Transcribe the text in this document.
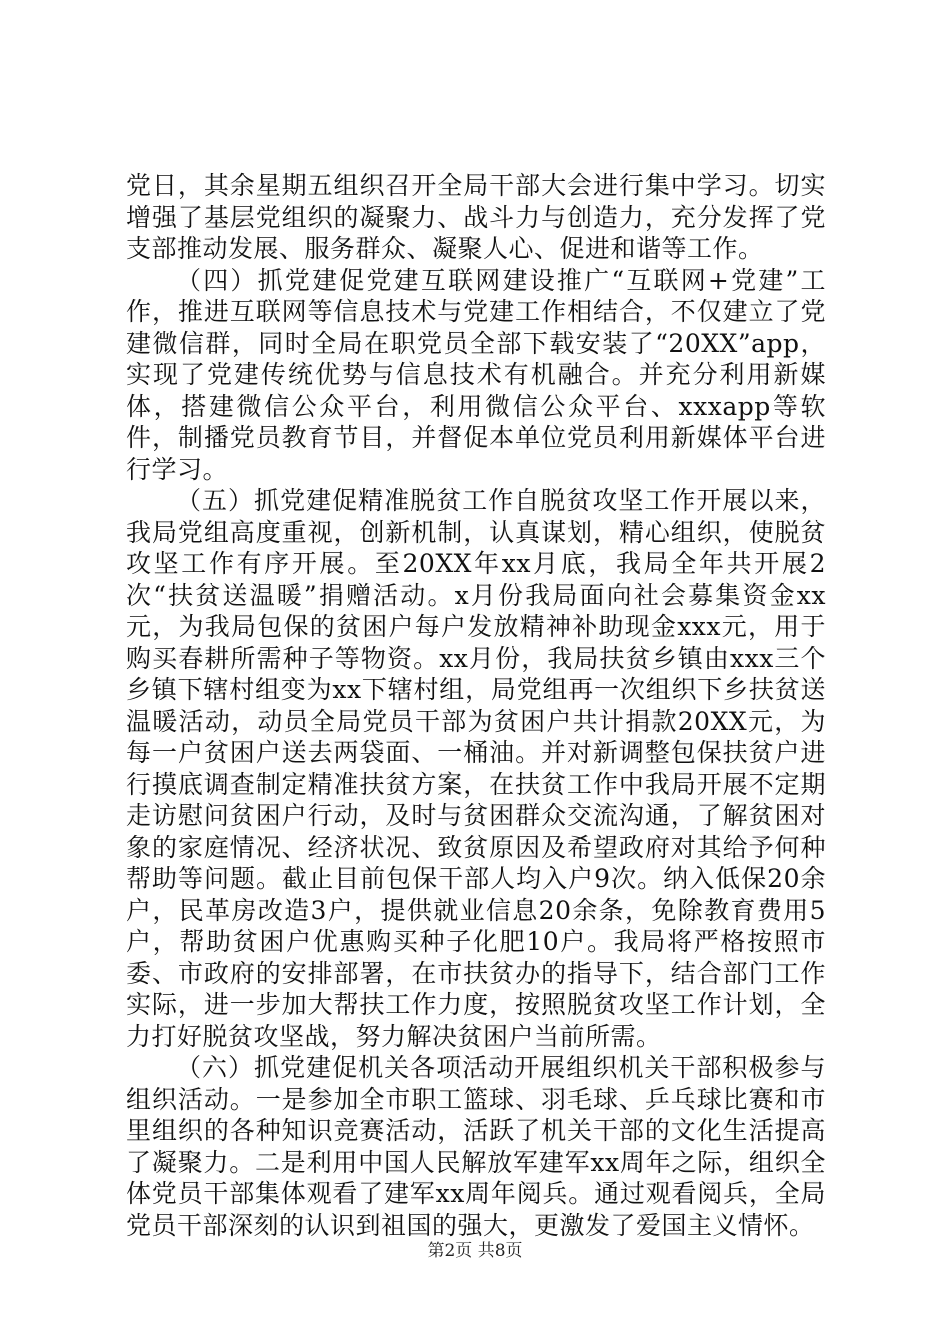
党日，其余星期五组织召开全局干部大会进行集中学习。切实增强了基层党组织的凝聚力、战斗力与创造力，充分发挥了党支部推动发展、服务群众、凝聚人心、促进和谐等工作。

（四）抓党建促党建互联网建设推广“互联网+党建”工作，推进互联网等信息技术与党建工作相结合，不仅建立了党建微信群，同时全局在职党员全部下载安装了“20XX”app，实现了党建传统优势与信息技术有机融合。并充分利用新媒体，搭建微信公众平台，利用微信公众平台、xxxapp等软件，制播党员教育节目，并督促本单位党员利用新媒体平台进行学习。

（五）抓党建促精准脱贫工作自脱贫攻坚工作开展以来，我局党组高度重视，创新机制，认真谋划，精心组织，使脱贫攻坚工作有序开展。至20XX年xx月底，我局全年共开展2次“扶贫送温暖”捐赠活动。x月份我局面向社会募集资金xx元，为我局包保的贫困户每户发放精神补助现金xxx元，用于购买春耕所需种子等物资。xx月份，我局扶贫乡镇由xxx三个乡镇下辖村组变为xx下辖村组，局党组再一次组织下乡扶贫送温暖活动，动员全局党员干部为贫困户共计捐款20XX元，为每一户贫困户送去两袋面、一桶油。并对新调整包保扶贫户进行摸底调查制定精准扶贫方案，在扶贫工作中我局开展不定期走访慰问贫困户行动，及时与贫困群众交流沟通，了解贫困对象的家庭情况、经济状况、致贫原因及希望政府对其给予何种帮助等问题。截止目前包保干部人均入户9次。纳入低保20余户，民革房改造3户，提供就业信息20余条，免除教育费用5户，帮助贫困户优惠购买种子化肥10户。我局将严格按照市委、市政府的安排部署，在市扶贫办的指导下，结合部门工作实际，进一步加大帮扶工作力度，按照脱贫攻坚工作计划，全力打好脱贫攻坚战，努力解决贫困户当前所需。

（六）抓党建促机关各项活动开展组织机关干部积极参与组织活动。一是参加全市职工篮球、羽毛球、乒乓球比赛和市里组织的各种知识竞赛活动，活跃了机关干部的文化生活提高了凝聚力。二是利用中国人民解放军建军xx周年之际，组织全体党员干部集体观看了建军xx周年阅兵。通过观看阅兵，全局党员干部深刻的认识到祖国的强大，更激发了爱国主义情怀。

第2页 共8页
